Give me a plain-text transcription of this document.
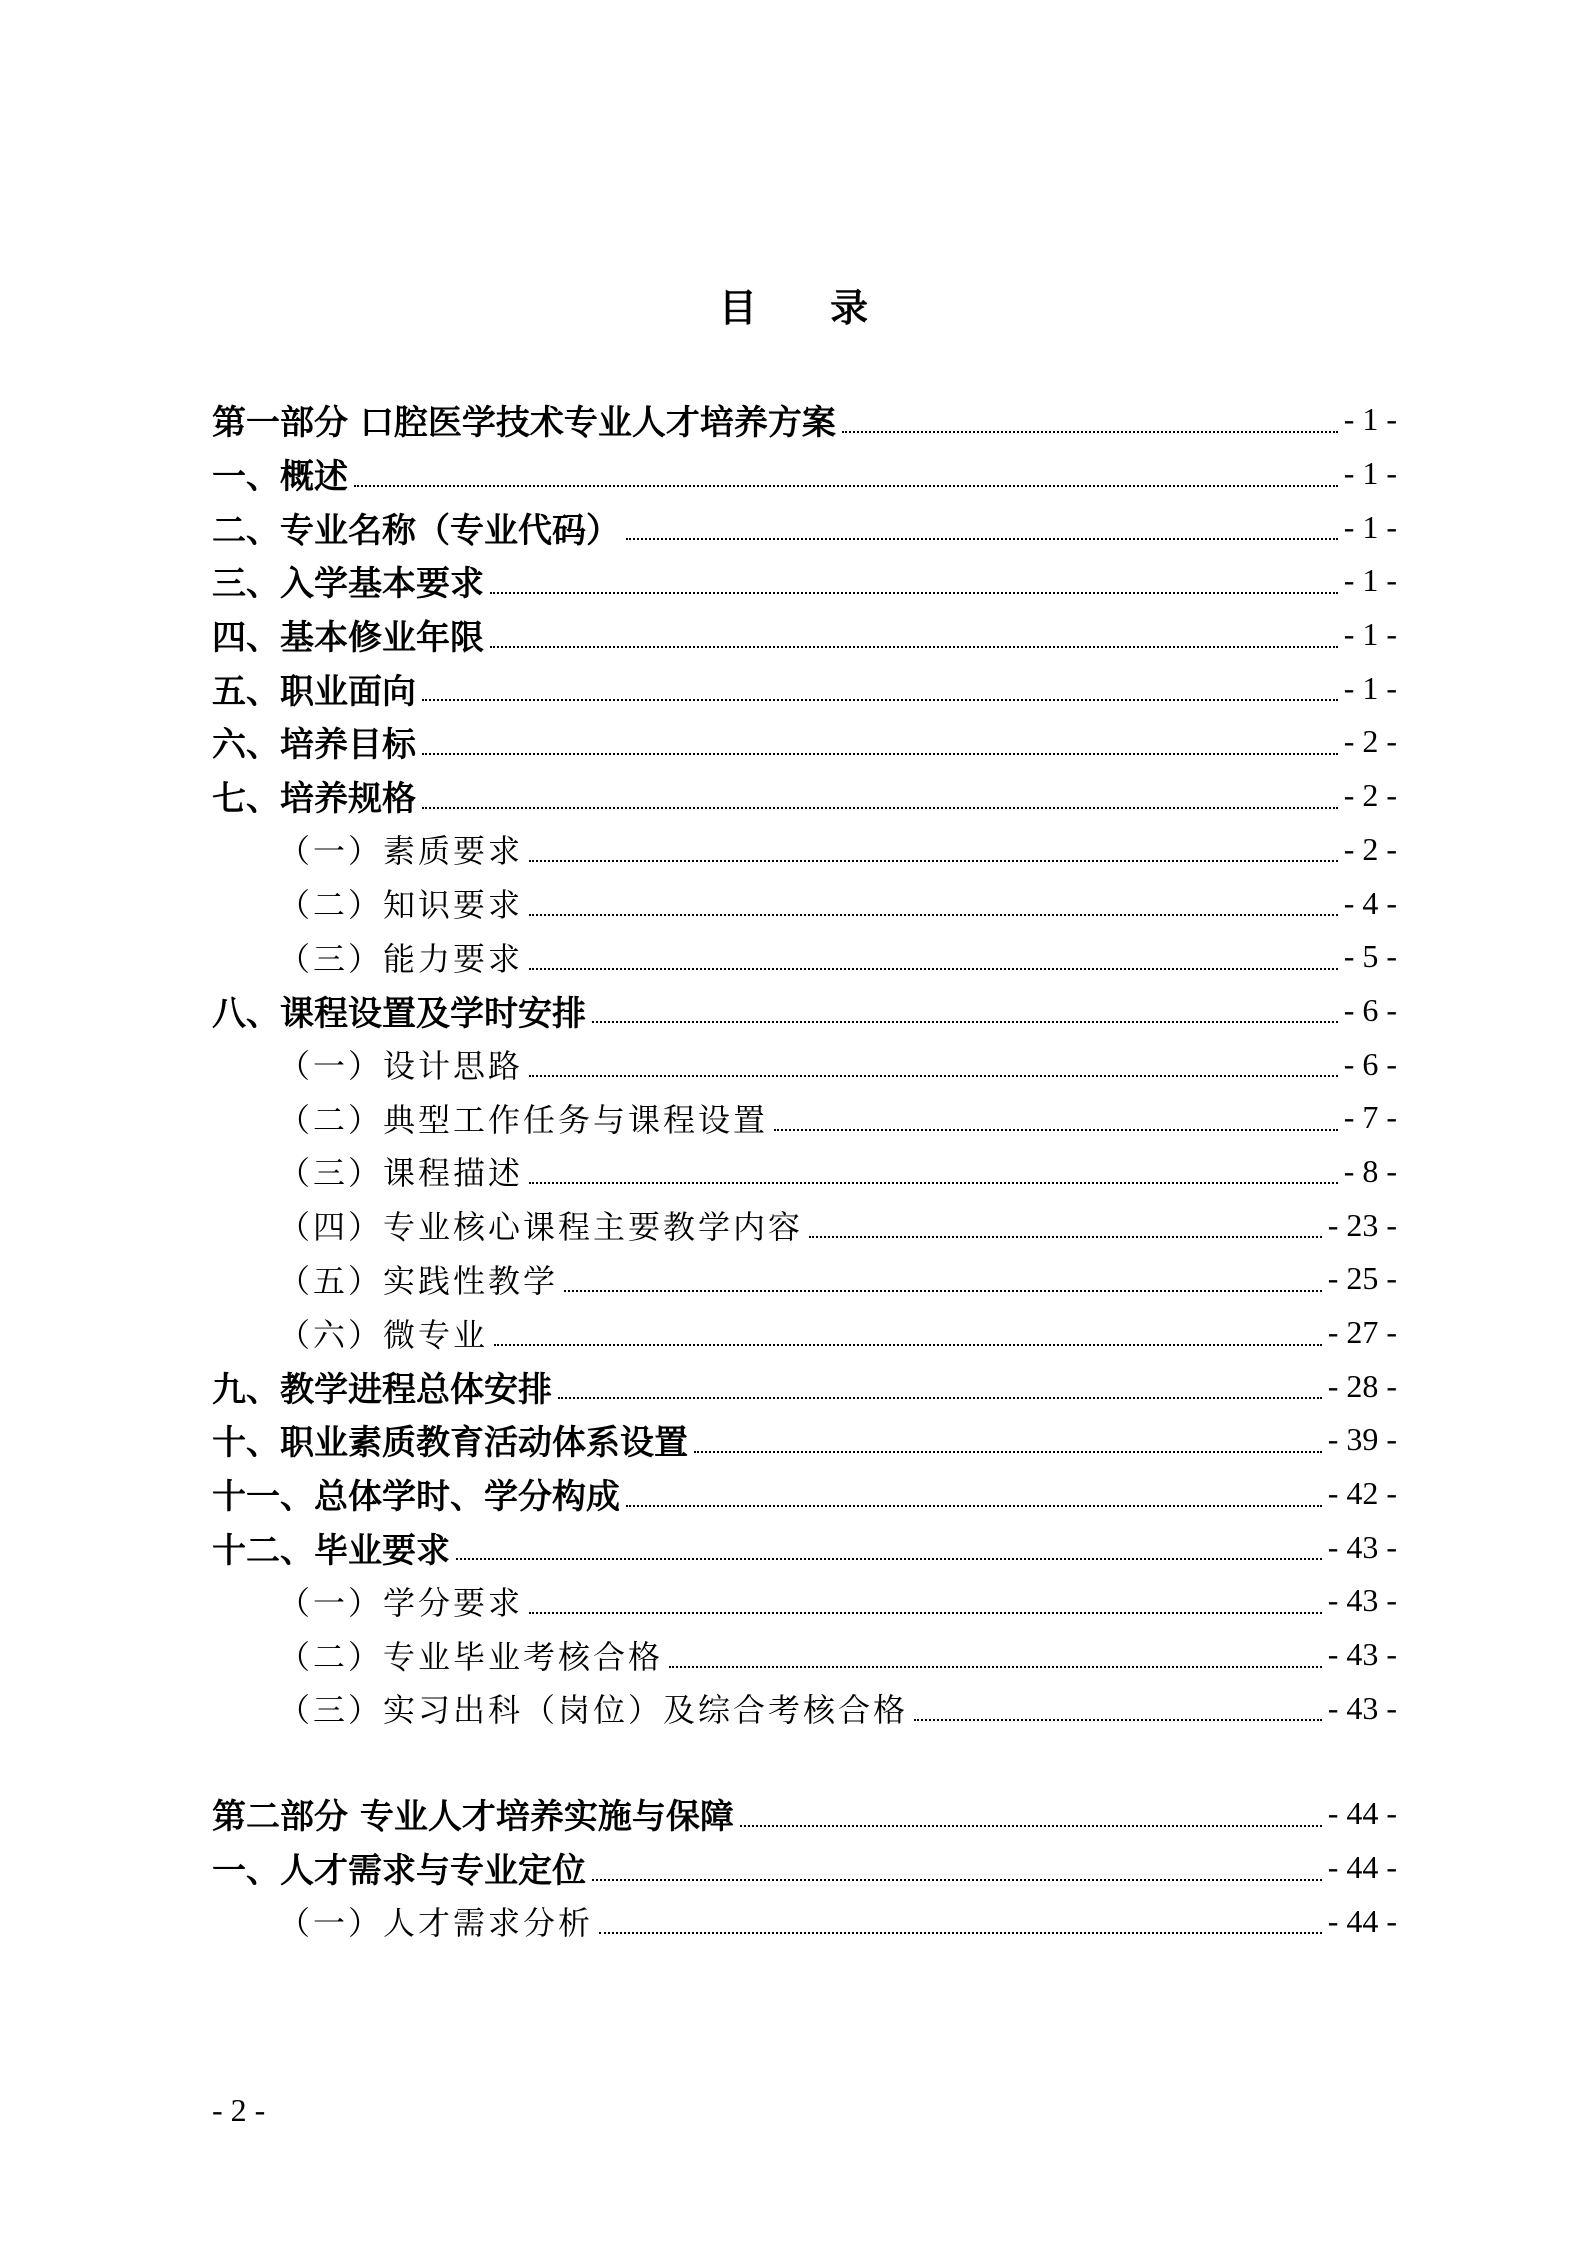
目 录
第一部分 口腔医学技术专业人才培养方案	- 1 -
一、概述	- 1 -
二、专业名称（专业代码）	- 1 -
三、入学基本要求	- 1 -
四、基本修业年限	- 1 -
五、职业面向	- 1 -
六、培养目标	- 2 -
七、培养规格	- 2 -
（一）素质要求	- 2 -
（二）知识要求	- 4 -
（三）能力要求	- 5 -
八、课程设置及学时安排	- 6 -
（一）设计思路	- 6 -
（二）典型工作任务与课程设置	- 7 -
（三）课程描述	- 8 -
（四）专业核心课程主要教学内容	- 23 -
（五）实践性教学	- 25 -
（六）微专业	- 27 -
九、教学进程总体安排	- 28 -
十、职业素质教育活动体系设置	- 39 -
十一、总体学时、学分构成	- 42 -
十二、毕业要求	- 43 -
（一）学分要求	- 43 -
（二）专业毕业考核合格	- 43 -
（三）实习出科（岗位）及综合考核合格	- 43 -
第二部分 专业人才培养实施与保障	- 44 -
一、人才需求与专业定位	- 44 -
（一）人才需求分析	- 44 -
- 2 -
